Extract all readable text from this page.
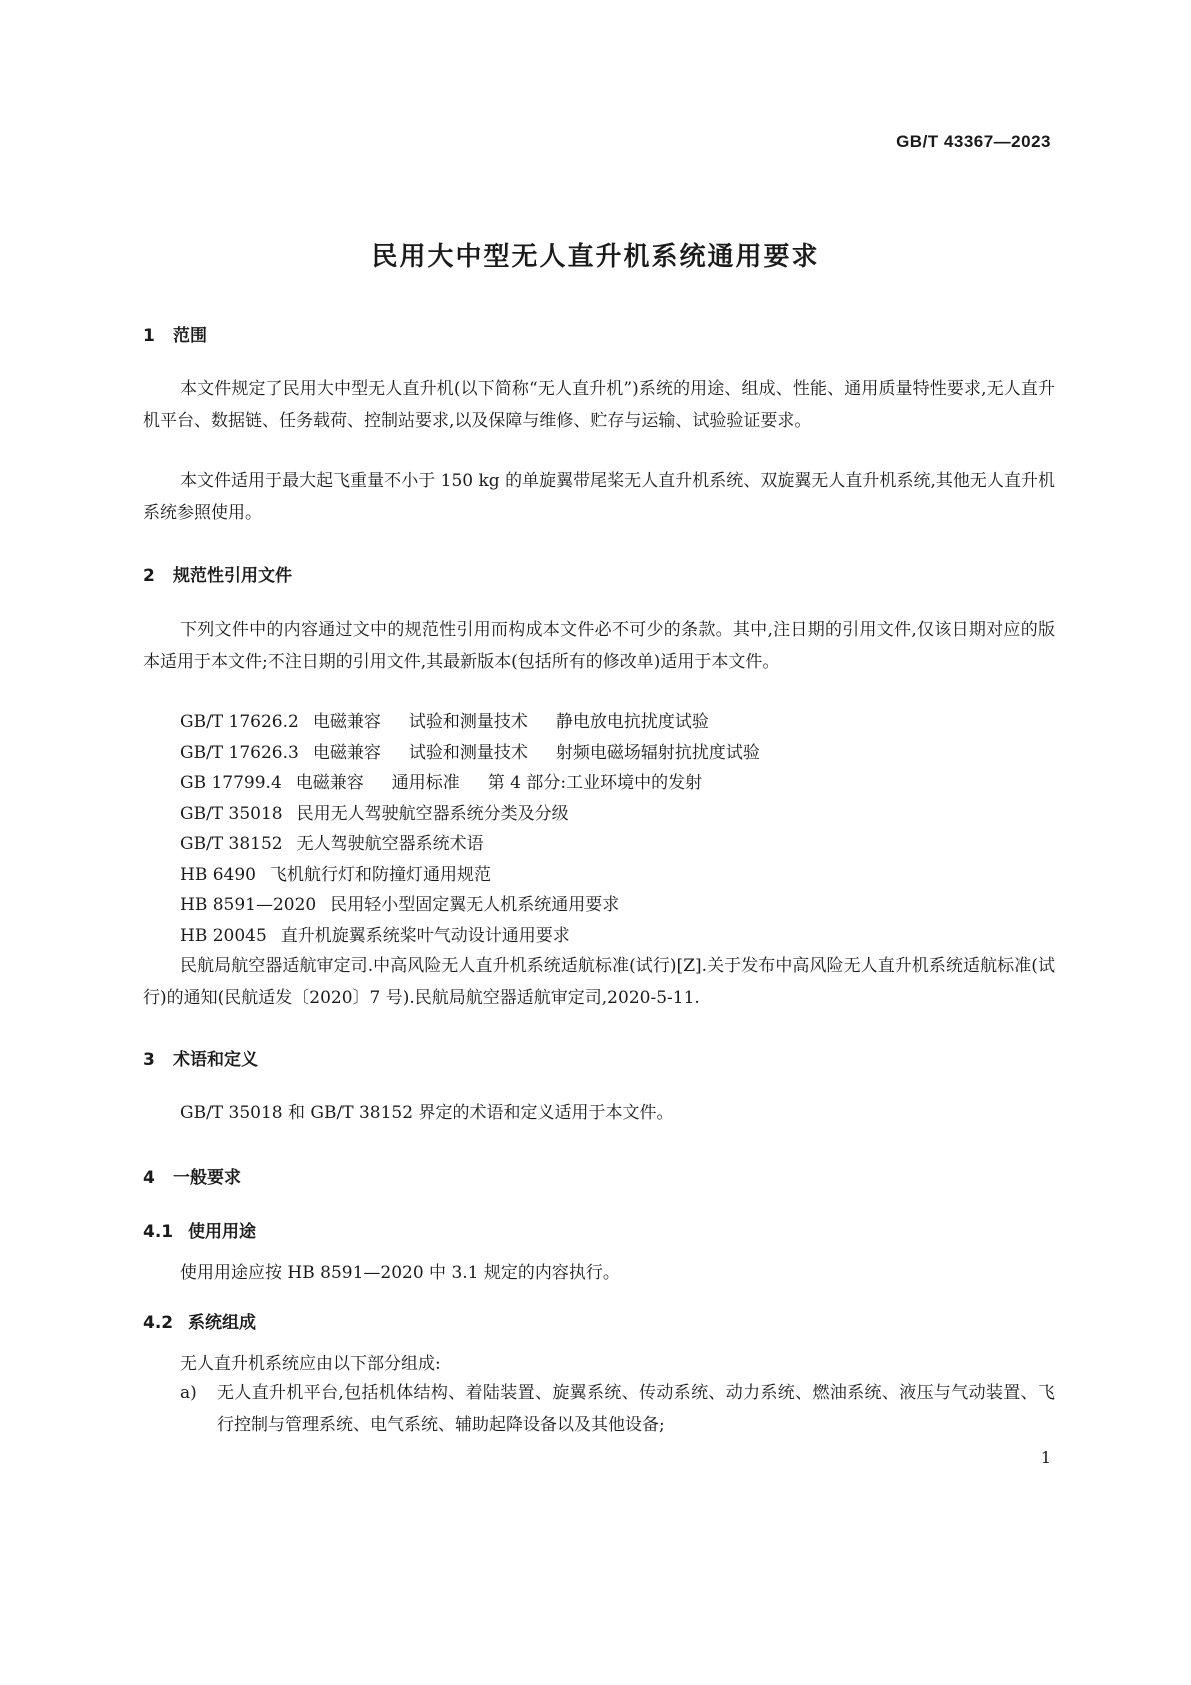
GB/T 43367—2023
民用大中型无人直升机系统通用要求
1 范围
本文件规定了民用大中型无人直升机(以下简称“无人直升机”)系统的用途、组成、性能、通用质量特性要求,无人直升机平台、数据链、任务载荷、控制站要求,以及保障与维修、贮存与运输、试验验证要求。
本文件适用于最大起飞重量不小于 150 kg 的单旋翼带尾桨无人直升机系统、双旋翼无人直升机系统,其他无人直升机系统参照使用。
2 规范性引用文件
下列文件中的内容通过文中的规范性引用而构成本文件必不可少的条款。其中,注日期的引用文件,仅该日期对应的版本适用于本文件;不注日期的引用文件,其最新版本(包括所有的修改单)适用于本文件。
GB/T 17626.2 电磁兼容 试验和测量技术 静电放电抗扰度试验
GB/T 17626.3 电磁兼容 试验和测量技术 射频电磁场辐射抗扰度试验
GB 17799.4 电磁兼容 通用标准 第 4 部分:工业环境中的发射
GB/T 35018 民用无人驾驶航空器系统分类及分级
GB/T 38152 无人驾驶航空器系统术语
HB 6490 飞机航行灯和防撞灯通用规范
HB 8591—2020 民用轻小型固定翼无人机系统通用要求
HB 20045 直升机旋翼系统桨叶气动设计通用要求
民航局航空器适航审定司.中高风险无人直升机系统适航标准(试行)[Z].关于发布中高风险无人直升机系统适航标准(试行)的通知(民航适发〔2020〕7 号).民航局航空器适航审定司,2020-5-11.
3 术语和定义
GB/T 35018 和 GB/T 38152 界定的术语和定义适用于本文件。
4 一般要求
4.1 使用用途
使用用途应按 HB 8591—2020 中 3.1 规定的内容执行。
4.2 系统组成
无人直升机系统应由以下部分组成:
a) 无人直升机平台,包括机体结构、着陆装置、旋翼系统、传动系统、动力系统、燃油系统、液压与气动装置、飞行控制与管理系统、电气系统、辅助起降设备以及其他设备;
1
